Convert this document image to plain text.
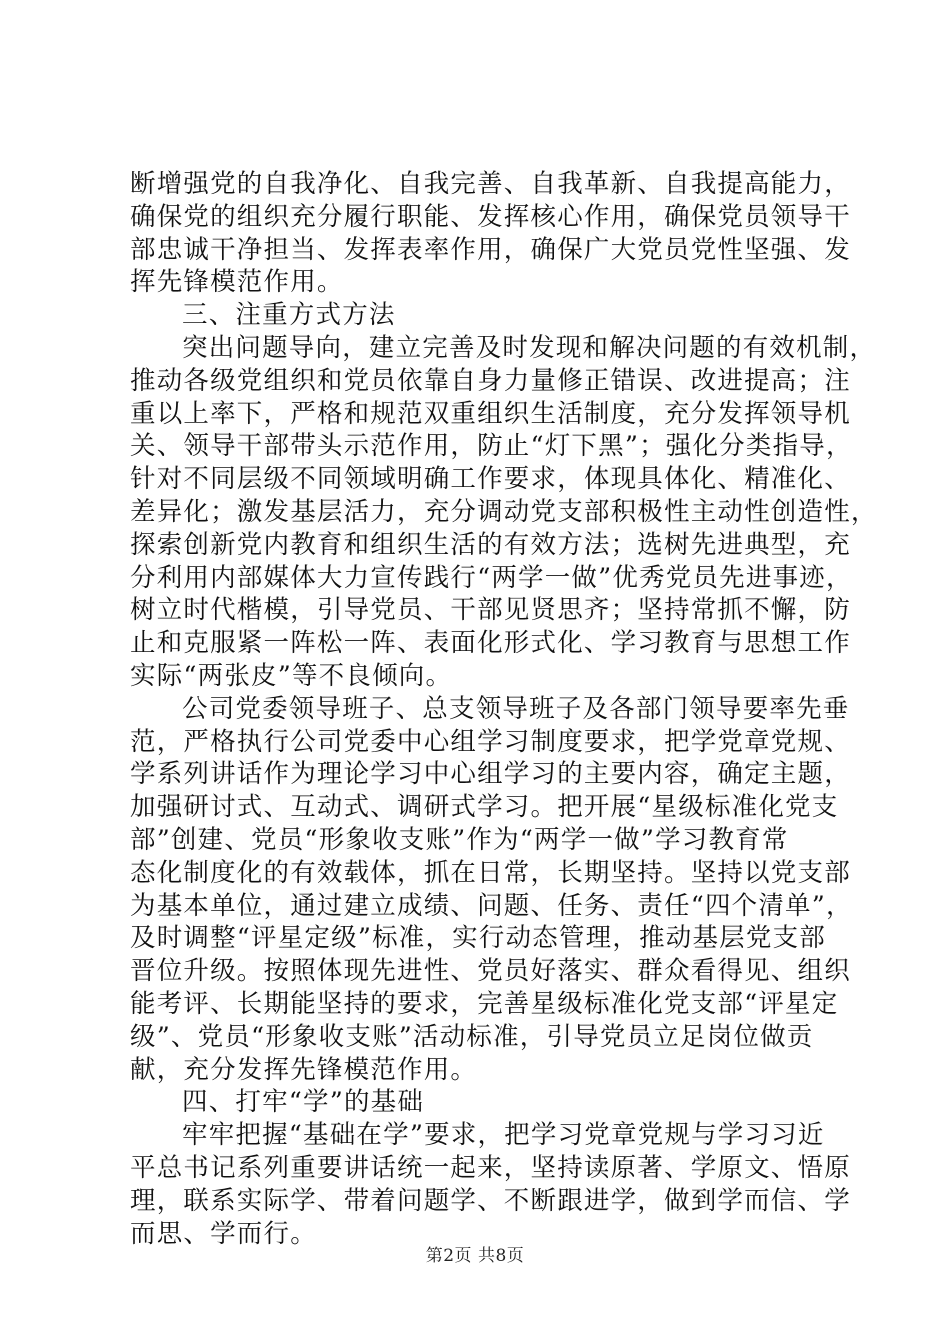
断增强党的自我净化、自我完善、自我革新、自我提高能力，
确保党的组织充分履行职能、发挥核心作用，确保党员领导干
部忠诚干净担当、发挥表率作用，确保广大党员党性坚强、发
挥先锋模范作用。
三、注重方式方法
突出问题导向，建立完善及时发现和解决问题的有效机制，
推动各级党组织和党员依靠自身力量修正错误、改进提高；注
重以上率下，严格和规范双重组织生活制度，充分发挥领导机
关、领导干部带头示范作用，防止“灯下黑”；强化分类指导，
针对不同层级不同领域明确工作要求，体现具体化、精准化、
差异化；激发基层活力，充分调动党支部积极性主动性创造性，
探索创新党内教育和组织生活的有效方法；选树先进典型，充
分利用内部媒体大力宣传践行“两学一做”优秀党员先进事迹，
树立时代楷模，引导党员、干部见贤思齐；坚持常抓不懈，防
止和克服紧一阵松一阵、表面化形式化、学习教育与思想工作
实际“两张皮”等不良倾向。
公司党委领导班子、总支领导班子及各部门领导要率先垂
范，严格执行公司党委中心组学习制度要求，把学党章党规、
学系列讲话作为理论学习中心组学习的主要内容，确定主题，
加强研讨式、互动式、调研式学习。把开展“星级标准化党支
部”创建、党员“形象收支账”作为“两学一做”学习教育常
态化制度化的有效载体，抓在日常，长期坚持。坚持以党支部
为基本单位，通过建立成绩、问题、任务、责任“四个清单”，
及时调整“评星定级”标准，实行动态管理，推动基层党支部
晋位升级。按照体现先进性、党员好落实、群众看得见、组织
能考评、长期能坚持的要求，完善星级标准化党支部“评星定
级”、党员“形象收支账”活动标准，引导党员立足岗位做贡
献，充分发挥先锋模范作用。
四、打牢“学”的基础
牢牢把握“基础在学”要求，把学习党章党规与学习习近
平总书记系列重要讲话统一起来，坚持读原著、学原文、悟原
理，联系实际学、带着问题学、不断跟进学，做到学而信、学
而思、学而行。
第2页 共8页
